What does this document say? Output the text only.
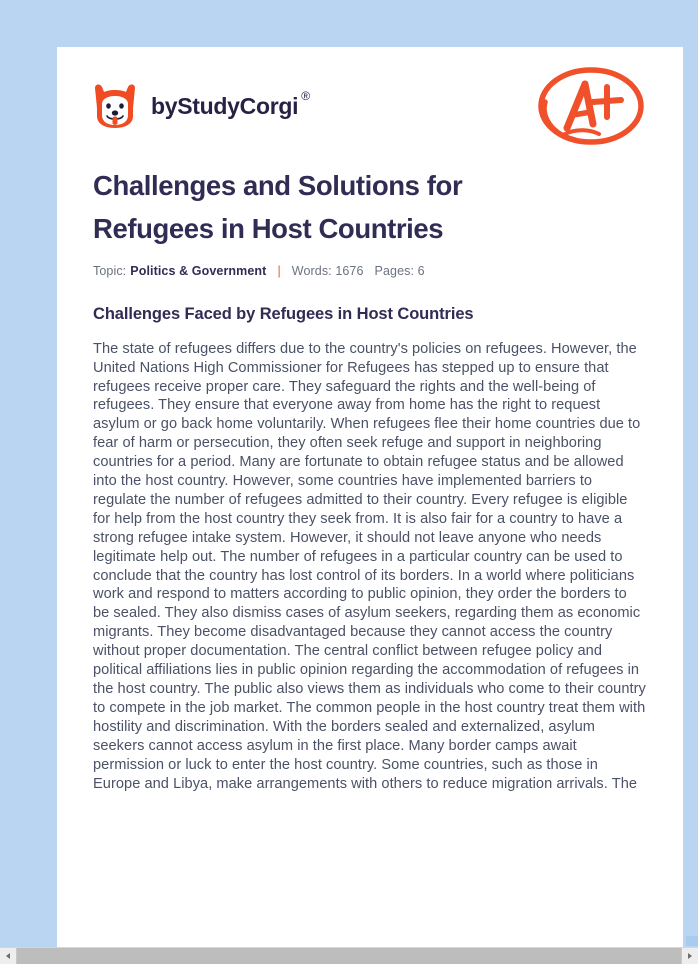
by StudyCorgi ®
Challenges and Solutions for Refugees in Host Countries
Topic: Politics & Government | Words: 1676 Pages: 6
Challenges Faced by Refugees in Host Countries

The state of refugees differs due to the country's policies on refugees. However, the United Nations High Commissioner for Refugees has stepped up to ensure that refugees receive proper care. They safeguard the rights and the well-being of refugees. They ensure that everyone away from home has the right to request asylum or go back home voluntarily. When refugees flee their home countries due to fear of harm or persecution, they often seek refuge and support in neighboring countries for a period. Many are fortunate to obtain refugee status and be allowed into the host country. However, some countries have implemented barriers to regulate the number of refugees admitted to their country. Every refugee is eligible for help from the host country they seek from. It is also fair for a country to have a strong refugee intake system. However, it should not leave anyone who needs legitimate help out. The number of refugees in a particular country can be used to conclude that the country has lost control of its borders. In a world where politicians work and respond to matters according to public opinion, they order the borders to be sealed. They also dismiss cases of asylum seekers, regarding them as economic migrants. They become disadvantaged because they cannot access the country without proper documentation. The central conflict between refugee policy and political affiliations lies in public opinion regarding the accommodation of refugees in the host country. The public also views them as individuals who come to their country to compete in the job market. The common people in the host country treat them with hostility and discrimination. With the borders sealed and externalized, asylum seekers cannot access asylum in the first place. Many border camps await permission or luck to enter the host country. Some countries, such as those in Europe and Libya, make arrangements with others to reduce migration arrivals. The
